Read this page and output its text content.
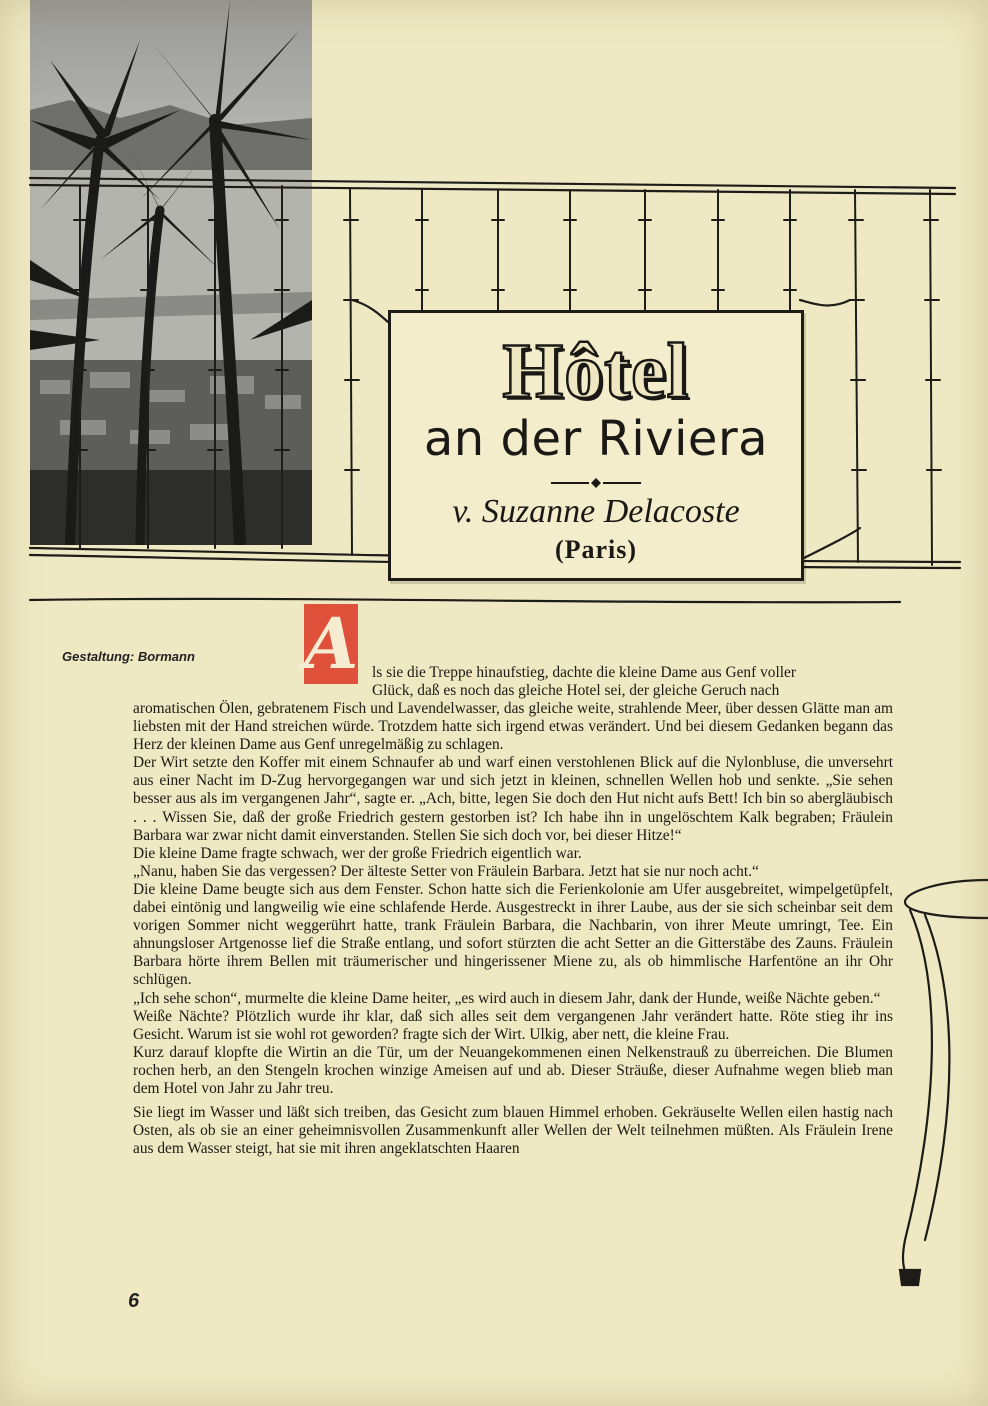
Hôtel
an der Riviera
v. Suzanne Delacoste
(Paris)
Gestaltung: Bormann A ls sie die Treppe hinaufstieg, dachte die kleine Dame aus Genf voller

Glück, daß es noch das gleiche Hotel sei, der gleiche Geruch nach

aromatischen Ölen, gebratenem Fisch und Lavendelwasser, das gleiche weite, strahlende Meer, über dessen Glätte man am liebsten mit der Hand streichen würde. Trotzdem hatte sich irgend etwas verändert. Und bei diesem Gedanken begann das Herz der kleinen Dame aus Genf unregelmäßig zu schlagen.

Der Wirt setzte den Koffer mit einem Schnaufer ab und warf einen verstohlenen Blick auf die Nylonbluse, die unversehrt aus einer Nacht im D-Zug hervorgegangen war und sich jetzt in kleinen, schnellen Wellen hob und senkte. „Sie sehen besser aus als im vergangenen Jahr“, sagte er. „Ach, bitte, legen Sie doch den Hut nicht aufs Bett! Ich bin so abergläubisch . . . Wissen Sie, daß der große Friedrich gestern gestorben ist? Ich habe ihn in ungelöschtem Kalk begraben; Fräulein Barbara war zwar nicht damit einverstanden. Stellen Sie sich doch vor, bei dieser Hitze!“

Die kleine Dame fragte schwach, wer der große Friedrich eigentlich war.

„Nanu, haben Sie das vergessen? Der älteste Setter von Fräulein Barbara. Jetzt hat sie nur noch acht.“

Die kleine Dame beugte sich aus dem Fenster. Schon hatte sich die Ferienkolonie am Ufer ausgebreitet, wimpelgetüpfelt, dabei eintönig und langweilig wie eine schlafende Herde. Ausgestreckt in ihrer Laube, aus der sie sich scheinbar seit dem vorigen Sommer nicht weggerührt hatte, trank Fräulein Barbara, die Nachbarin, von ihrer Meute umringt, Tee. Ein ahnungsloser Artgenosse lief die Straße entlang, und sofort stürzten die acht Setter an die Gitterstäbe des Zauns. Fräulein Barbara hörte ihrem Bellen mit träumerischer und hingerissener Miene zu, als ob himmlische Harfentöne an ihr Ohr schlügen.

„Ich sehe schon“, murmelte die kleine Dame heiter, „es wird auch in diesem Jahr, dank der Hunde, weiße Nächte geben.“

Weiße Nächte? Plötzlich wurde ihr klar, daß sich alles seit dem vergangenen Jahr verändert hatte. Röte stieg ihr ins Gesicht. Warum ist sie wohl rot geworden? fragte sich der Wirt. Ulkig, aber nett, die kleine Frau.

Kurz darauf klopfte die Wirtin an die Tür, um der Neuangekommenen einen Nelkenstrauß zu überreichen. Die Blumen rochen herb, an den Stengeln krochen winzige Ameisen auf und ab. Dieser Sträuße, dieser Aufnahme wegen blieb man dem Hotel von Jahr zu Jahr treu.

Sie liegt im Wasser und läßt sich treiben, das Gesicht zum blauen Himmel erhoben. Gekräuselte Wellen eilen hastig nach Osten, als ob sie an einer geheimnisvollen Zusammenkunft aller Wellen der Welt teilnehmen müßten. Als Fräulein Irene aus dem Wasser steigt, hat sie mit ihren angeklatschten Haaren

6
